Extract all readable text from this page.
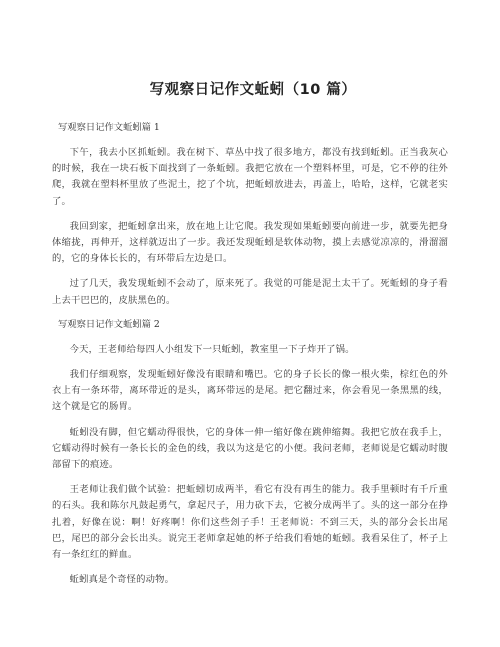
写观察日记作文蚯蚓（10 篇）
写观察日记作文蚯蚓篇 1

下午，我去小区抓蚯蚓。我在树下、草丛中找了很多地方，都没有找到蚯蚓。正当我灰心的时候，我在一块石板下面找到了一条蚯蚓。我把它放在一个塑料杯里，可是，它不停的往外爬，我就在塑料杯里放了些泥土，挖了个坑，把蚯蚓放进去，再盖上，哈哈，这样，它就老实了。

我回到家，把蚯蚓拿出来，放在地上让它爬。我发现如果蚯蚓要向前进一步，就要先把身体缩拢，再伸开，这样就迈出了一步。我还发现蚯蚓是软体动物，摸上去感觉凉凉的，滑溜溜的，它的身体长长的，有环带后左边是口。

过了几天，我发现蚯蚓不会动了，原来死了。我觉的可能是泥土太干了。死蚯蚓的身子看上去干巴巴的，皮肤黑色的。

写观察日记作文蚯蚓篇 2

今天，王老师给每四人小组发下一只蚯蚓，教室里一下子炸开了锅。

我们仔细观察，发现蚯蚓好像没有眼睛和嘴巴。它的身子长长的像一根火柴，棕红色的外衣上有一条环带，离环带近的是头，离环带远的是尾。把它翻过来，你会看见一条黑黑的线，这个就是它的肠胃。

蚯蚓没有脚，但它蠕动得很快，它的身体一伸一缩好像在跳伸缩舞。我把它放在我手上，它蠕动得时候有一条长长的金色的线，我以为这是它的小便。我问老师，老师说是它蠕动时腹部留下的痕迹。

王老师让我们做个试验：把蚯蚓切成两半，看它有没有再生的能力。我手里顿时有千斤重的石头。我和陈尔凡鼓起勇气，拿起尺子，用力砍下去，它被分成两半了。头的这一部分在挣扎着，好像在说：啊！好疼啊！你们这些刽子手！王老师说：不到三天，头的部分会长出尾巴，尾巴的部分会长出头。说完王老师拿起她的杯子给我们看她的蚯蚓。我看呆住了，杯子上有一条红红的鲜血。

蚯蚓真是个奇怪的动物。
